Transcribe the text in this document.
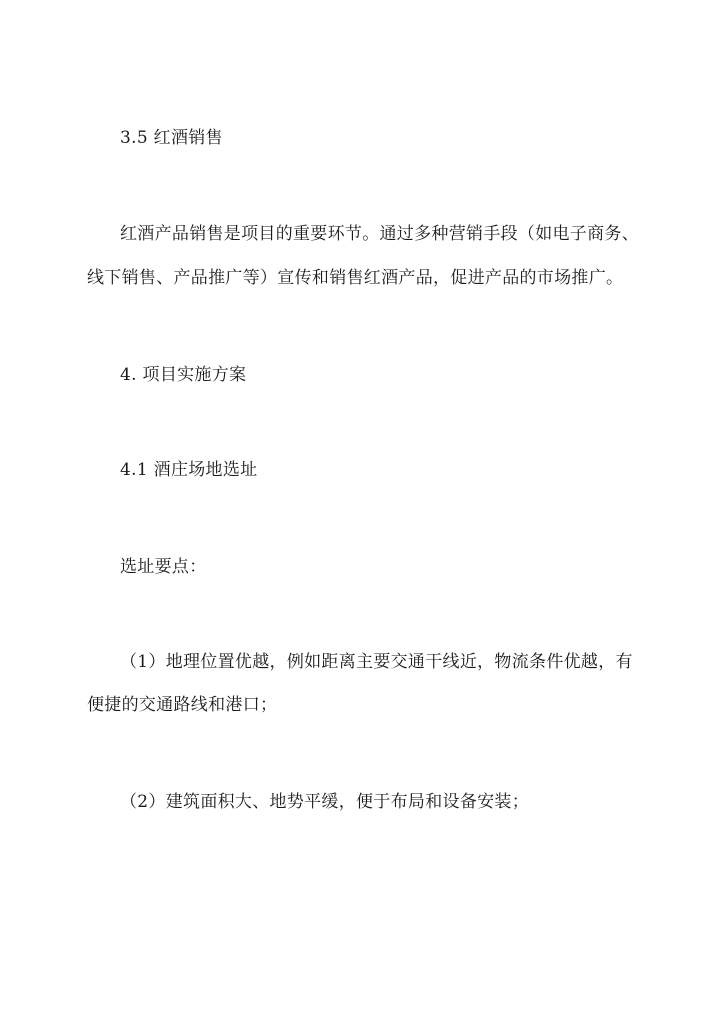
3.5 红酒销售
红酒产品销售是项目的重要环节。通过多种营销手段（如电子商务、
线下销售、产品推广等）宣传和销售红酒产品，促进产品的市场推广。
4. 项目实施方案
4.1 酒庄场地选址
选址要点：
（1）地理位置优越，例如距离主要交通干线近，物流条件优越，有
便捷的交通路线和港口；
（2）建筑面积大、地势平缓，便于布局和设备安装；
